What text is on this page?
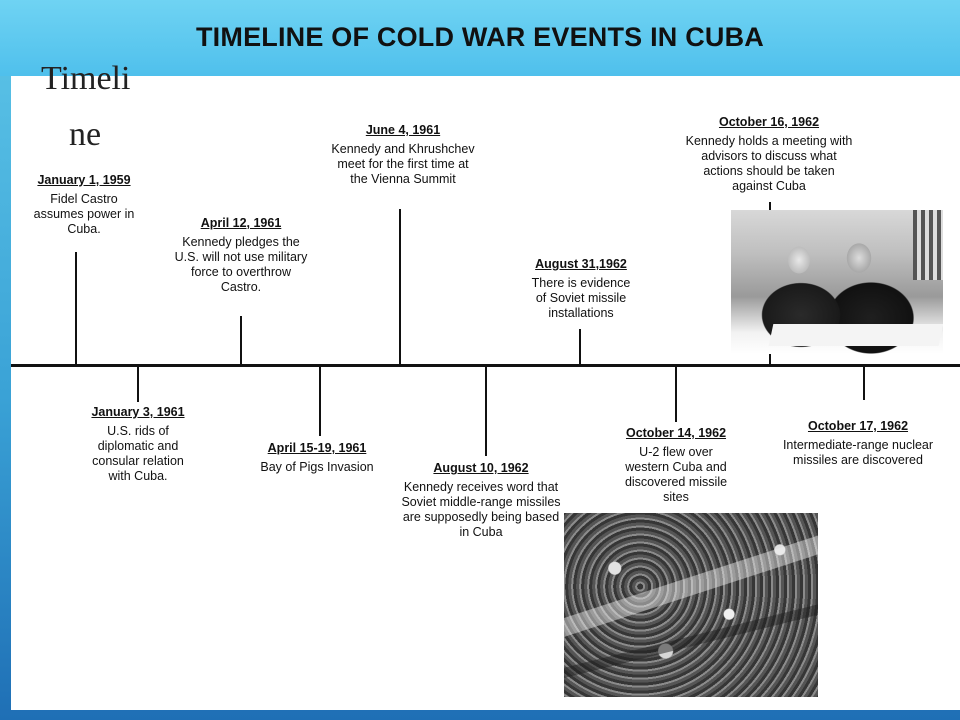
TIMELINE OF COLD WAR EVENTS IN CUBA
Timeli
ne
January 1, 1959
Fidel Castro assumes power in Cuba.	April 12, 1961
Kennedy pledges the U.S. will not use military force to overthrow Castro.
June 4, 1961
Kennedy and Khrushchev meet for the first time at the Vienna Summit
August 31,1962
There is evidence of Soviet missile installations
October 16, 1962
Kennedy holds a meeting with advisors to discuss what actions should be taken against Cuba
January 3, 1961
U.S. rids of diplomatic and consular relation with Cuba.
April 15-19, 1961
Bay of Pigs Invasion	August 10, 1962
Kennedy receives word that Soviet middle-range missiles are supposedly being based in Cuba
October 14, 1962
U-2 flew over western Cuba and discovered missile sites
October 17, 1962
Intermediate-range nuclear missiles are discovered
